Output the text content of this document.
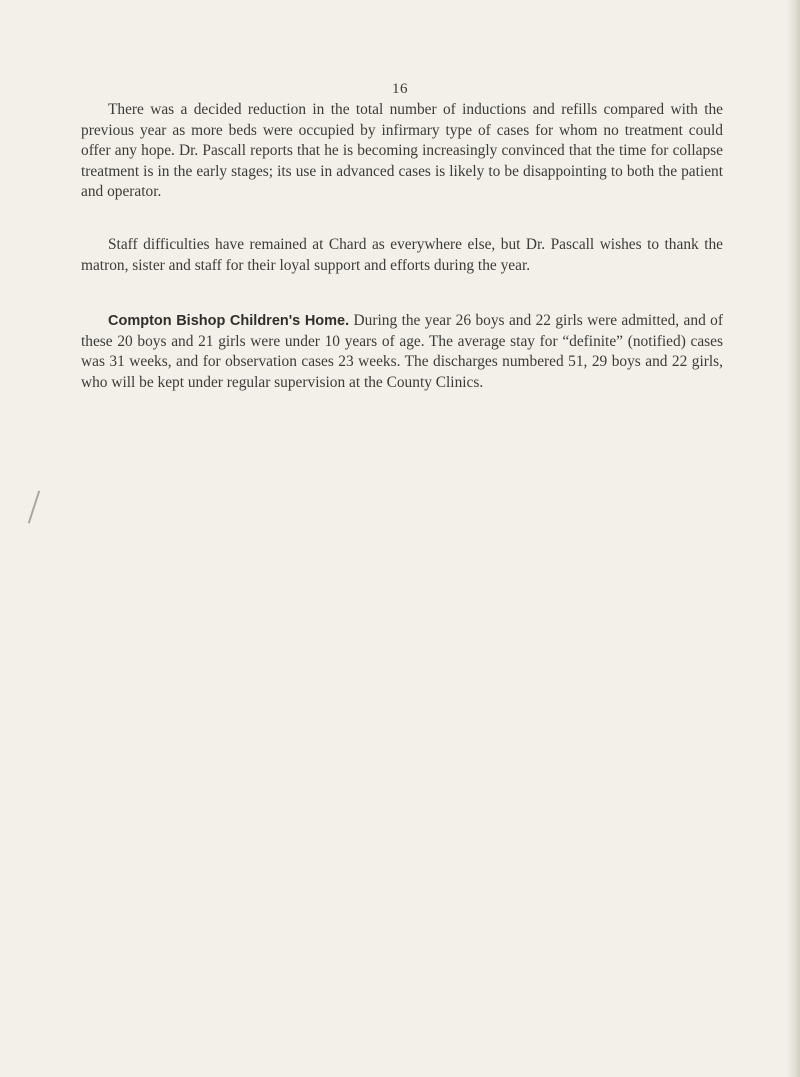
16

There was a decided reduction in the total number of inductions and refills compared with the previous year as more beds were occupied by infirmary type of cases for whom no treatment could offer any hope. Dr. Pascall reports that he is becoming increasingly convinced that the time for collapse treatment is in the early stages; its use in advanced cases is likely to be disappointing to both the patient and operator.

Staff difficulties have remained at Chard as everywhere else, but Dr. Pascall wishes to thank the matron, sister and staff for their loyal support and efforts during the year.

Compton Bishop Children's Home. During the year 26 boys and 22 girls were admitted, and of these 20 boys and 21 girls were under 10 years of age. The average stay for “definite” (notified) cases was 31 weeks, and for observation cases 23 weeks. The discharges numbered 51, 29 boys and 22 girls, who will be kept under regular supervision at the County Clinics.
